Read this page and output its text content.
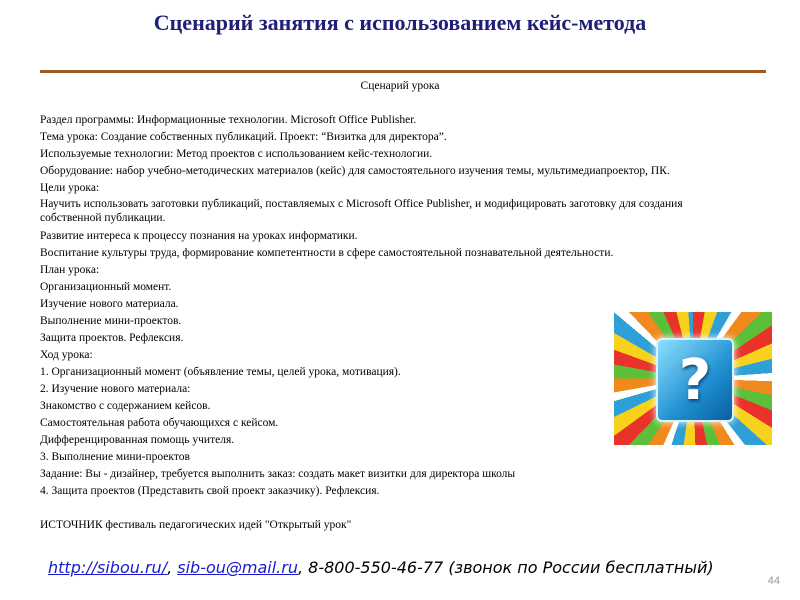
Сценарий занятия с использованием кейс-метода
Сценарий урока
Раздел программы: Информационные технологии. Microsoft Office Publisher.
Тема урока: Создание собственных публикаций. Проект: “Визитка для директора”.
Используемые технологии: Метод проектов с использованием кейс-технологии.
Оборудование: набор учебно-методических материалов (кейс) для самостоятельного изучения темы, мультимедиапроектор, ПК.
Цели урока:
Научить использовать заготовки публикаций, поставляемых с Microsoft Office Publisher, и модифицировать заготовку для создания собственной публикации.
Развитие интереса к процессу познания на уроках информатики.
Воспитание культуры труда, формирование компетентности в сфере самостоятельной познавательной деятельности.
План урока:
Организационный момент.
Изучение нового материала.
Выполнение мини-проектов.
Защита проектов. Рефлексия.
Ход урока:
1. Организационный момент (объявление темы, целей урока, мотивация).
2. Изучение нового материала:
Знакомство с содержанием кейсов.
Самостоятельная работа обучающихся с кейсом.
Дифференцированная помощь учителя.
3. Выполнение мини-проектов
Задание: Вы - дизайнер, требуется выполнить заказ: создать макет визитки для директора школы
4. Защита проектов (Представить свой проект заказчику). Рефлексия.
ИСТОЧНИК фестиваль педагогических идей "Открытый урок"
?
http://sibou.ru/, sib-ou@mail.ru, 8-800-550-46-77 (звонок по России бесплатный)
44
